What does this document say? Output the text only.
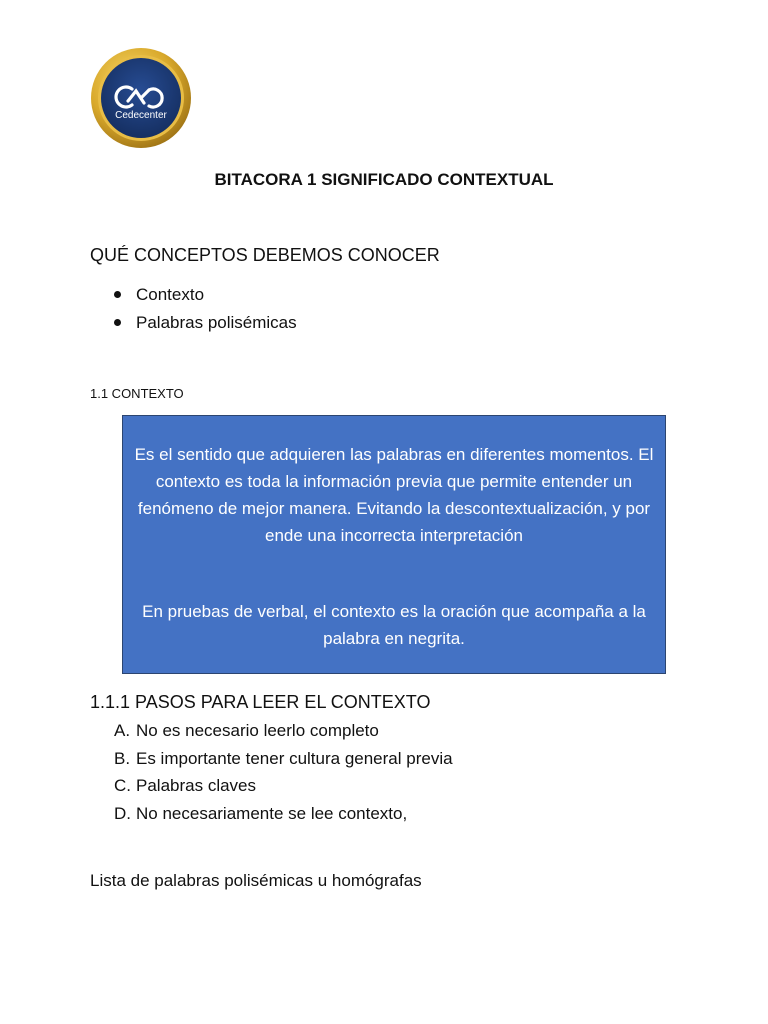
Cedecenter
BITACORA 1 SIGNIFICADO CONTEXTUAL
QUÉ CONCEPTOS DEBEMOS CONOCER
Contexto
Palabras polisémicas
1.1 CONTEXTO

Es el sentido que adquieren las palabras en diferentes momentos. El contexto es toda la información previa que permite entender un fenómeno de mejor manera. Evitando la descontextualización, y por ende una incorrecta interpretación

En pruebas de verbal, el contexto es la oración que acompaña a la palabra en negrita.

1.1.1 PASOS PARA LEER EL CONTEXTO
A. No es necesario leerlo completo
B. Es importante tener cultura general previa
C. Palabras claves
D. No necesariamente se lee contexto,
Lista de palabras polisémicas u homógrafas
